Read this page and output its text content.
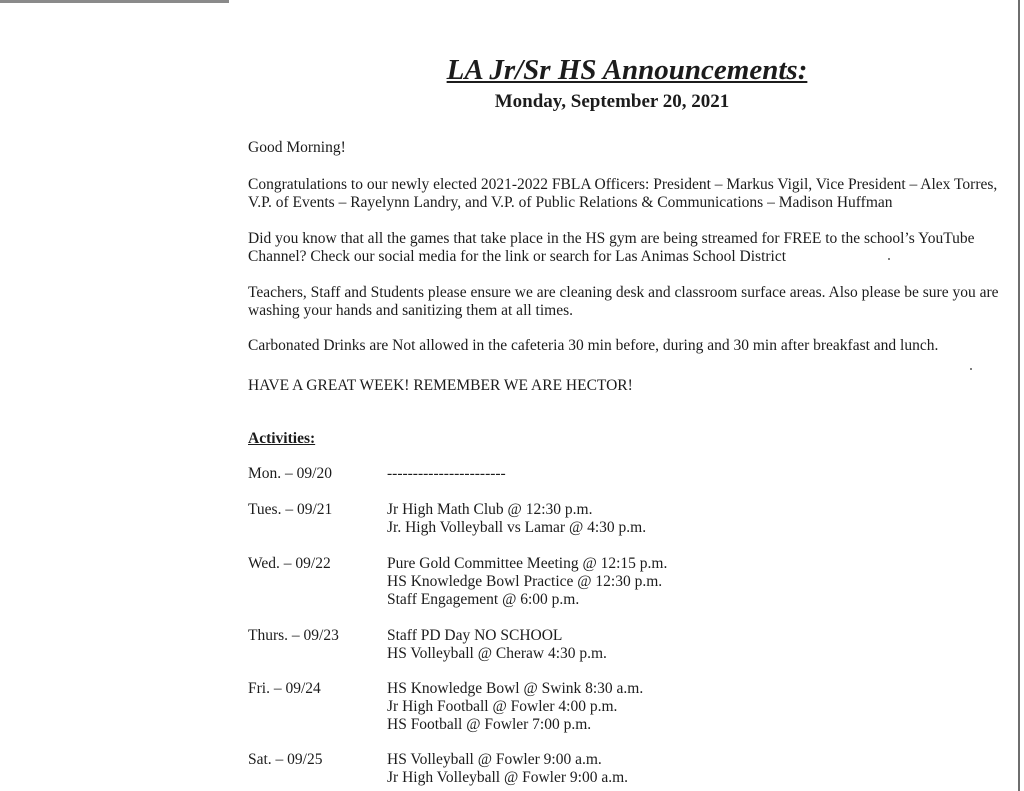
LA Jr/Sr HS Announcements:
Monday, September 20, 2021

Good Morning!

Congratulations to our newly elected 2021-2022 FBLA Officers: President – Markus Vigil, Vice President – Alex Torres, V.P. of Events – Rayelynn Landry, and V.P. of Public Relations & Communications – Madison Huffman

Did you know that all the games that take place in the HS gym are being streamed for FREE to the school’s YouTube Channel? Check our social media for the link or search for Las Animas School District

Teachers, Staff and Students please ensure we are cleaning desk and classroom surface areas. Also please be sure you are washing your hands and sanitizing them at all times.

Carbonated Drinks are Not allowed in the cafeteria 30 min before, during and 30 min after breakfast and lunch.

HAVE A GREAT WEEK! REMEMBER WE ARE HECTOR!

Activities:
Mon. – 09/20	-----------------------
Tues. – 09/21	Jr High Math Club @ 12:30 p.m.
Jr. High Volleyball vs Lamar @ 4:30 p.m.
Wed. – 09/22	Pure Gold Committee Meeting @ 12:15 p.m.
HS Knowledge Bowl Practice @ 12:30 p.m.
Staff Engagement @ 6:00 p.m.
Thurs. – 09/23	Staff PD Day NO SCHOOL
HS Volleyball @ Cheraw 4:30 p.m.
Fri. – 09/24	HS Knowledge Bowl @ Swink 8:30 a.m.
Jr High Football @ Fowler 4:00 p.m.
HS Football @ Fowler 7:00 p.m.
Sat. – 09/25	HS Volleyball @ Fowler 9:00 a.m.
Jr High Volleyball @ Fowler 9:00 a.m.
